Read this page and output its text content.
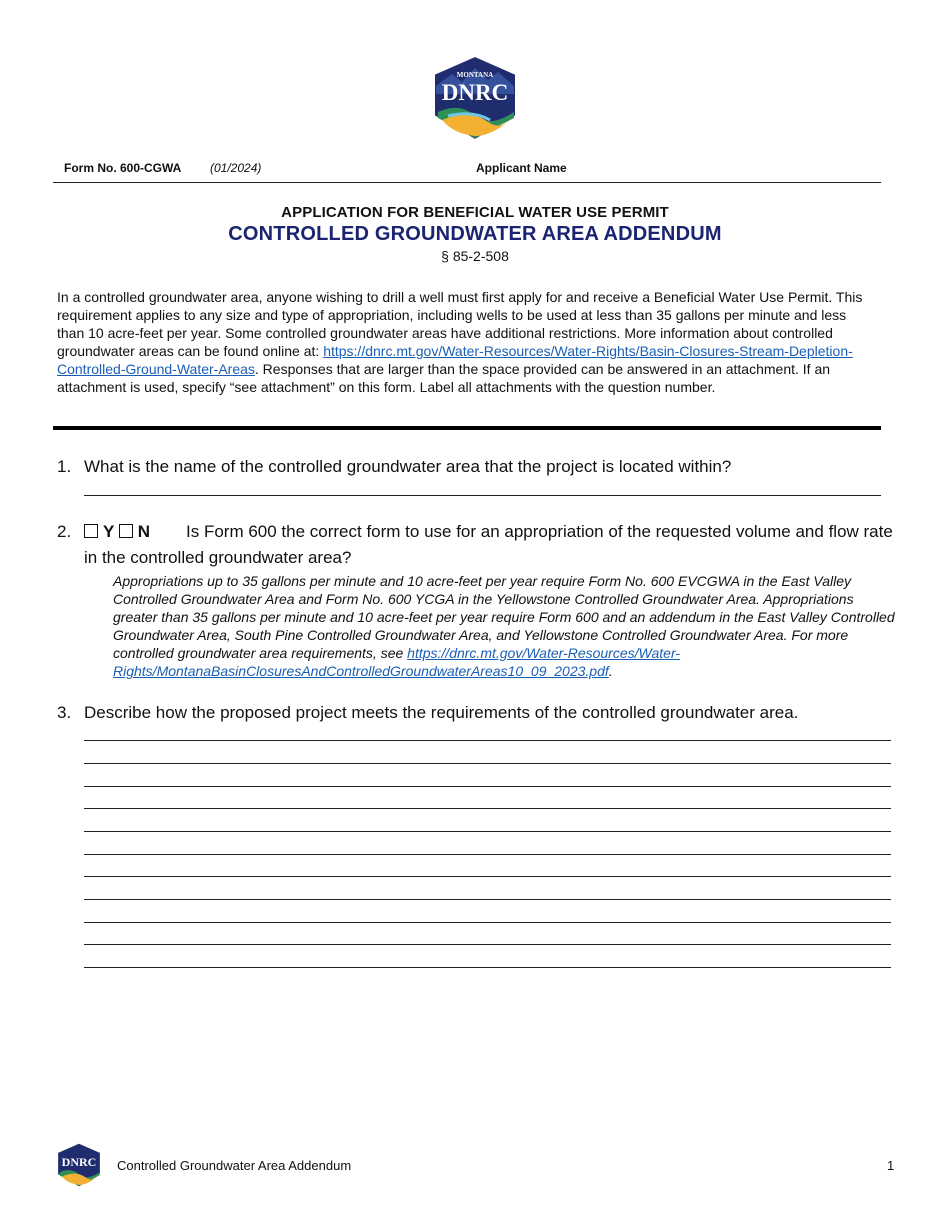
MONTANA
DNRC
Form No. 600-CGWA (01/2024)	Applicant Name
APPLICATION FOR BENEFICIAL WATER USE PERMIT
CONTROLLED GROUNDWATER AREA ADDENDUM
§ 85-2-508
In a controlled groundwater area, anyone wishing to drill a well must first apply for and receive a Beneficial Water Use Permit. This requirement applies to any size and type of appropriation, including wells to be used at less than 35 gallons per minute and less than 10 acre-feet per year. Some controlled groundwater areas have additional restrictions. More information about controlled groundwater areas can be found online at: https://dnrc.mt.gov/Water-Resources/Water-Rights/Basin-Closures-Stream-Depletion-Controlled-Ground-Water-Areas. Responses that are larger than the space provided can be answered in an attachment. If an attachment is used, specify “see attachment” on this form. Label all attachments with the question number.
1. What is the name of the controlled groundwater area that the project is located within?
2.	Y N	Is Form 600 the correct form to use for an appropriation of the requested volume and flow rate in the controlled groundwater area?
Appropriations up to 35 gallons per minute and 10 acre-feet per year require Form No. 600 EVCGWA in the East Valley Controlled Groundwater Area and Form No. 600 YCGA in the Yellowstone Controlled Groundwater Area. Appropriations greater than 35 gallons per minute and 10 acre-feet per year require Form 600 and an addendum in the East Valley Controlled Groundwater Area, South Pine Controlled Groundwater Area, and Yellowstone Controlled Groundwater Area. For more controlled groundwater area requirements, see https://dnrc.mt.gov/Water-Resources/Water-Rights/MontanaBasinClosuresAndControlledGroundwaterAreas10_09_2023.pdf.
3. Describe how the proposed project meets the requirements of the controlled groundwater area.
DNRC Controlled Groundwater Area Addendum	1
